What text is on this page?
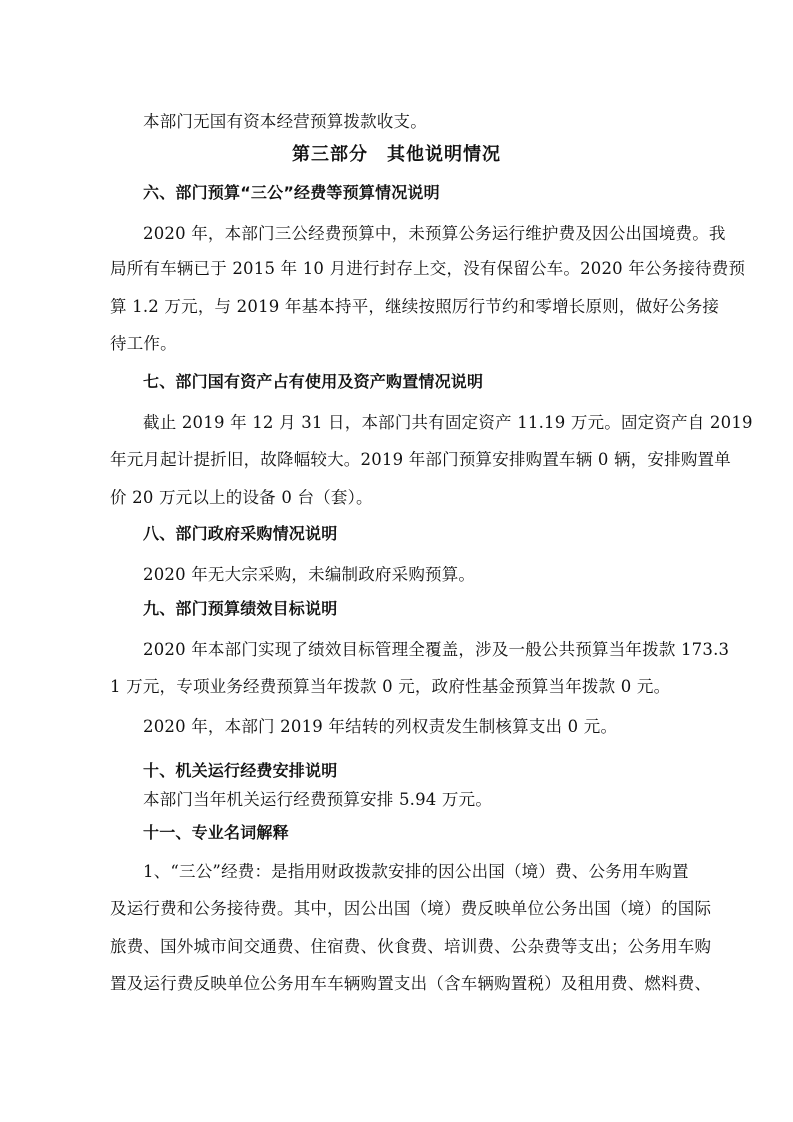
本部门无国有资本经营预算拨款收支。
第三部分　其他说明情况
六、部门预算“三公”经费等预算情况说明
2020 年，本部门三公经费预算中，未预算公务运行维护费及因公出国境费。我
局所有车辆已于 2015 年 10 月进行封存上交，没有保留公车。2020 年公务接待费预
算 1.2 万元，与 2019 年基本持平，继续按照厉行节约和零增长原则，做好公务接
待工作。
七、部门国有资产占有使用及资产购置情况说明
截止 2019 年 12 月 31 日，本部门共有固定资产 11.19 万元。固定资产自 2019
年元月起计提折旧，故降幅较大。2019 年部门预算安排购置车辆 0 辆，安排购置单
价 20 万元以上的设备 0 台（套）。
八、部门政府采购情况说明
2020 年无大宗采购，未编制政府采购预算。
九、部门预算绩效目标说明
2020 年本部门实现了绩效目标管理全覆盖，涉及一般公共预算当年拨款 173.3
1 万元，专项业务经费预算当年拨款 0 元，政府性基金预算当年拨款 0 元。
2020 年，本部门 2019 年结转的列权责发生制核算支出 0 元。
十、机关运行经费安排说明
本部门当年机关运行经费预算安排 5.94 万元。
十一、专业名词解释
1、“三公”经费：是指用财政拨款安排的因公出国（境）费、公务用车购置
及运行费和公务接待费。其中，因公出国（境）费反映单位公务出国（境）的国际
旅费、国外城市间交通费、住宿费、伙食费、培训费、公杂费等支出；公务用车购
置及运行费反映单位公务用车车辆购置支出（含车辆购置税）及租用费、燃料费、
